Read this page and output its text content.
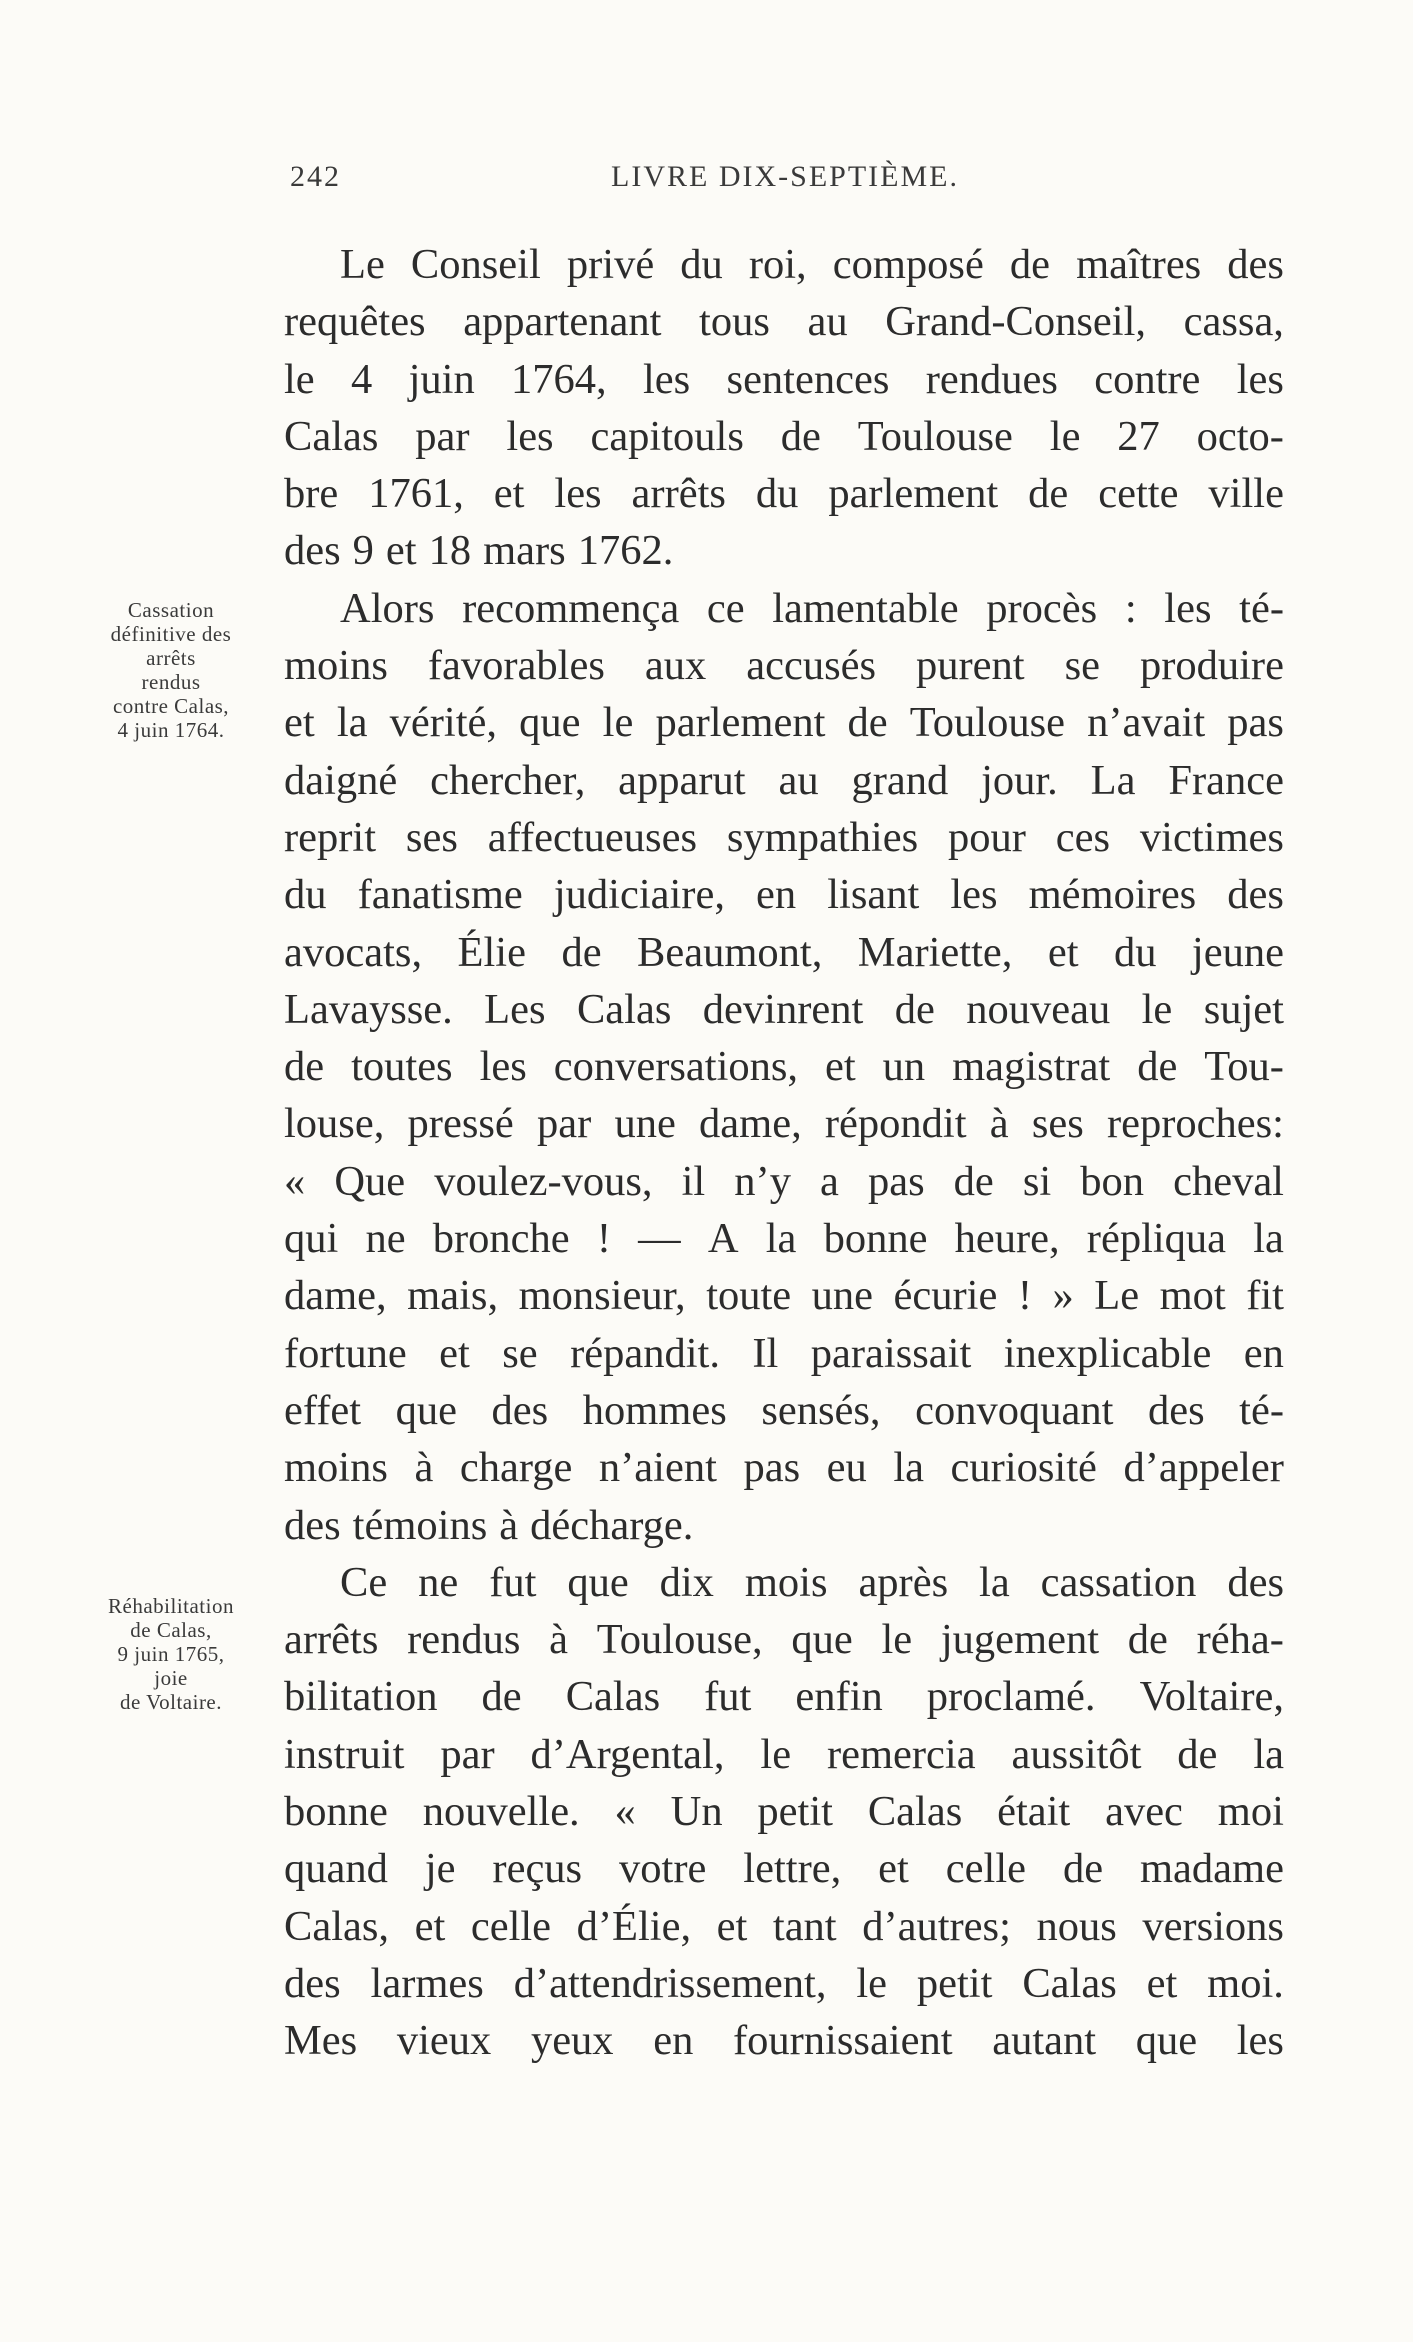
242	LIVRE DIX-SEPTIÈME.
Cassation
définitive des
arrêts
rendus
contre Calas,
4 juin 1764.
Réhabilitation
de Calas,
9 juin 1765,
joie
de Voltaire.
Le Conseil privé du roi, composé de maîtres des
requêtes appartenant tous au Grand-Conseil, cassa,
le 4 juin 1764, les sentences rendues contre les
Calas par les capitouls de Toulouse le 27 octo-
bre 1761, et les arrêts du parlement de cette ville
des 9 et 18 mars 1762.
Alors recommença ce lamentable procès : les té-
moins favorables aux accusés purent se produire
et la vérité, que le parlement de Toulouse n’avait pas
daigné chercher, apparut au grand jour. La France
reprit ses affectueuses sympathies pour ces victimes
du fanatisme judiciaire, en lisant les mémoires des
avocats, Élie de Beaumont, Mariette, et du jeune
Lavaysse. Les Calas devinrent de nouveau le sujet
de toutes les conversations, et un magistrat de Tou-
louse, pressé par une dame, répondit à ses reproches:
« Que voulez-vous, il n’y a pas de si bon cheval
qui ne bronche ! — A la bonne heure, répliqua la
dame, mais, monsieur, toute une écurie ! » Le mot fit
fortune et se répandit. Il paraissait inexplicable en
effet que des hommes sensés, convoquant des té-
moins à charge n’aient pas eu la curiosité d’appeler
des témoins à décharge.
Ce ne fut que dix mois après la cassation des
arrêts rendus à Toulouse, que le jugement de réha-
bilitation de Calas fut enfin proclamé. Voltaire,
instruit par d’Argental, le remercia aussitôt de la
bonne nouvelle. « Un petit Calas était avec moi
quand je reçus votre lettre, et celle de madame
Calas, et celle d’Élie, et tant d’autres; nous versions
des larmes d’attendrissement, le petit Calas et moi.
Mes vieux yeux en fournissaient autant que les
